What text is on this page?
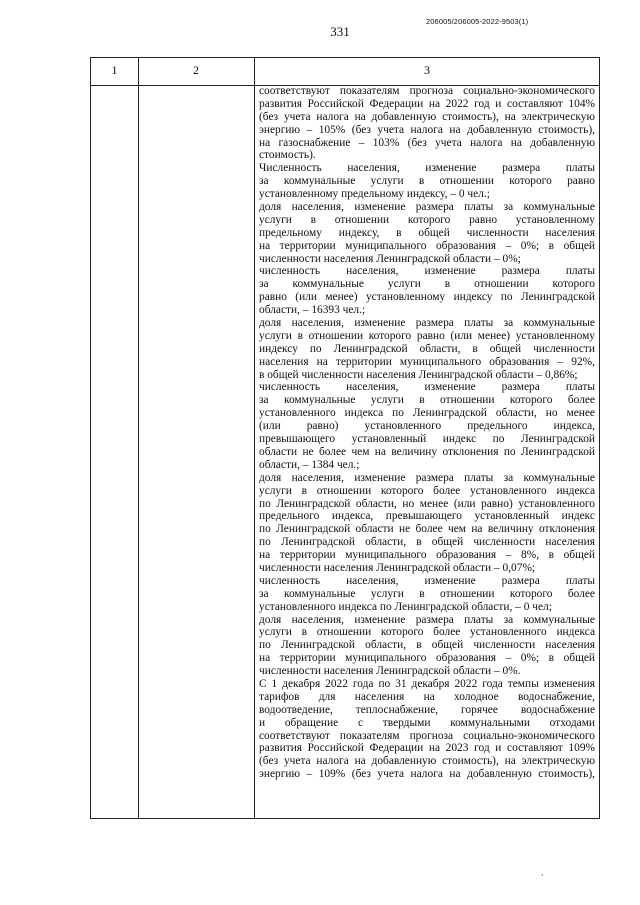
331
206005/206005-2022-9503(1)
1	2	3
соответствуют показателям прогноза социально-экономического
развития Российской Федерации на 2022 год и составляют 104%
(без учета налога на добавленную стоимость), на электрическую
энергию – 105% (без учета налога на добавленную стоимость),
на газоснабжение – 103% (без учета налога на добавленную
стоимость).
Численность населения, изменение размера платы
за коммунальные услуги в отношении которого равно
установленному предельному индексу, – 0 чел.;
доля населения, изменение размера платы за коммунальные
услуги в отношении которого равно установленному
предельному индексу, в общей численности населения
на территории муниципального образования – 0%; в общей
численности населения Ленинградской области – 0%;
численность населения, изменение размера платы
за коммунальные услуги в отношении которого
равно (или менее) установленному индексу по Ленинградской
области, – 16393 чел.;
доля населения, изменение размера платы за коммунальные
услуги в отношении которого равно (или менее) установленному
индексу по Ленинградской области, в общей численности
населения на территории муниципального образования – 92%,
в общей численности населения Ленинградской области – 0,86%;
численность населения, изменение размера платы
за коммунальные услуги в отношении которого более
установленного индекса по Ленинградской области, но менее
(или равно) установленного предельного индекса,
превышающего установленный индекс по Ленинградской
области не более чем на величину отклонения по Ленинградской
области, – 1384 чел.;
доля населения, изменение размера платы за коммунальные
услуги в отношении которого более установленного индекса
по Ленинградской области, но менее (или равно) установленного
предельного индекса, превышающего установленный индекс
по Ленинградской области не более чем на величину отклонения
по Ленинградской области, в общей численности населения
на территории муниципального образования – 8%, в общей
численности населения Ленинградской области – 0,07%;
численность населения, изменение размера платы
за коммунальные услуги в отношении которого более
установленного индекса по Ленинградской области, – 0 чел;
доля населения, изменение размера платы за коммунальные
услуги в отношении которого более установленного индекса
по Ленинградской области, в общей численности населения
на территории муниципального образования – 0%; в общей
численности населения Ленинградской области – 0%.
С 1 декабря 2022 года по 31 декабря 2022 года темпы изменения
тарифов для населения на холодное водоснабжение,
водоотведение, теплоснабжение, горячее водоснабжение
и обращение с твердыми коммунальными отходами
соответствуют показателям прогноза социально-экономического
развития Российской Федерации на 2023 год и составляют 109%
(без учета налога на добавленную стоимость), на электрическую
энергию – 109% (без учета налога на добавленную стоимость),
‚
